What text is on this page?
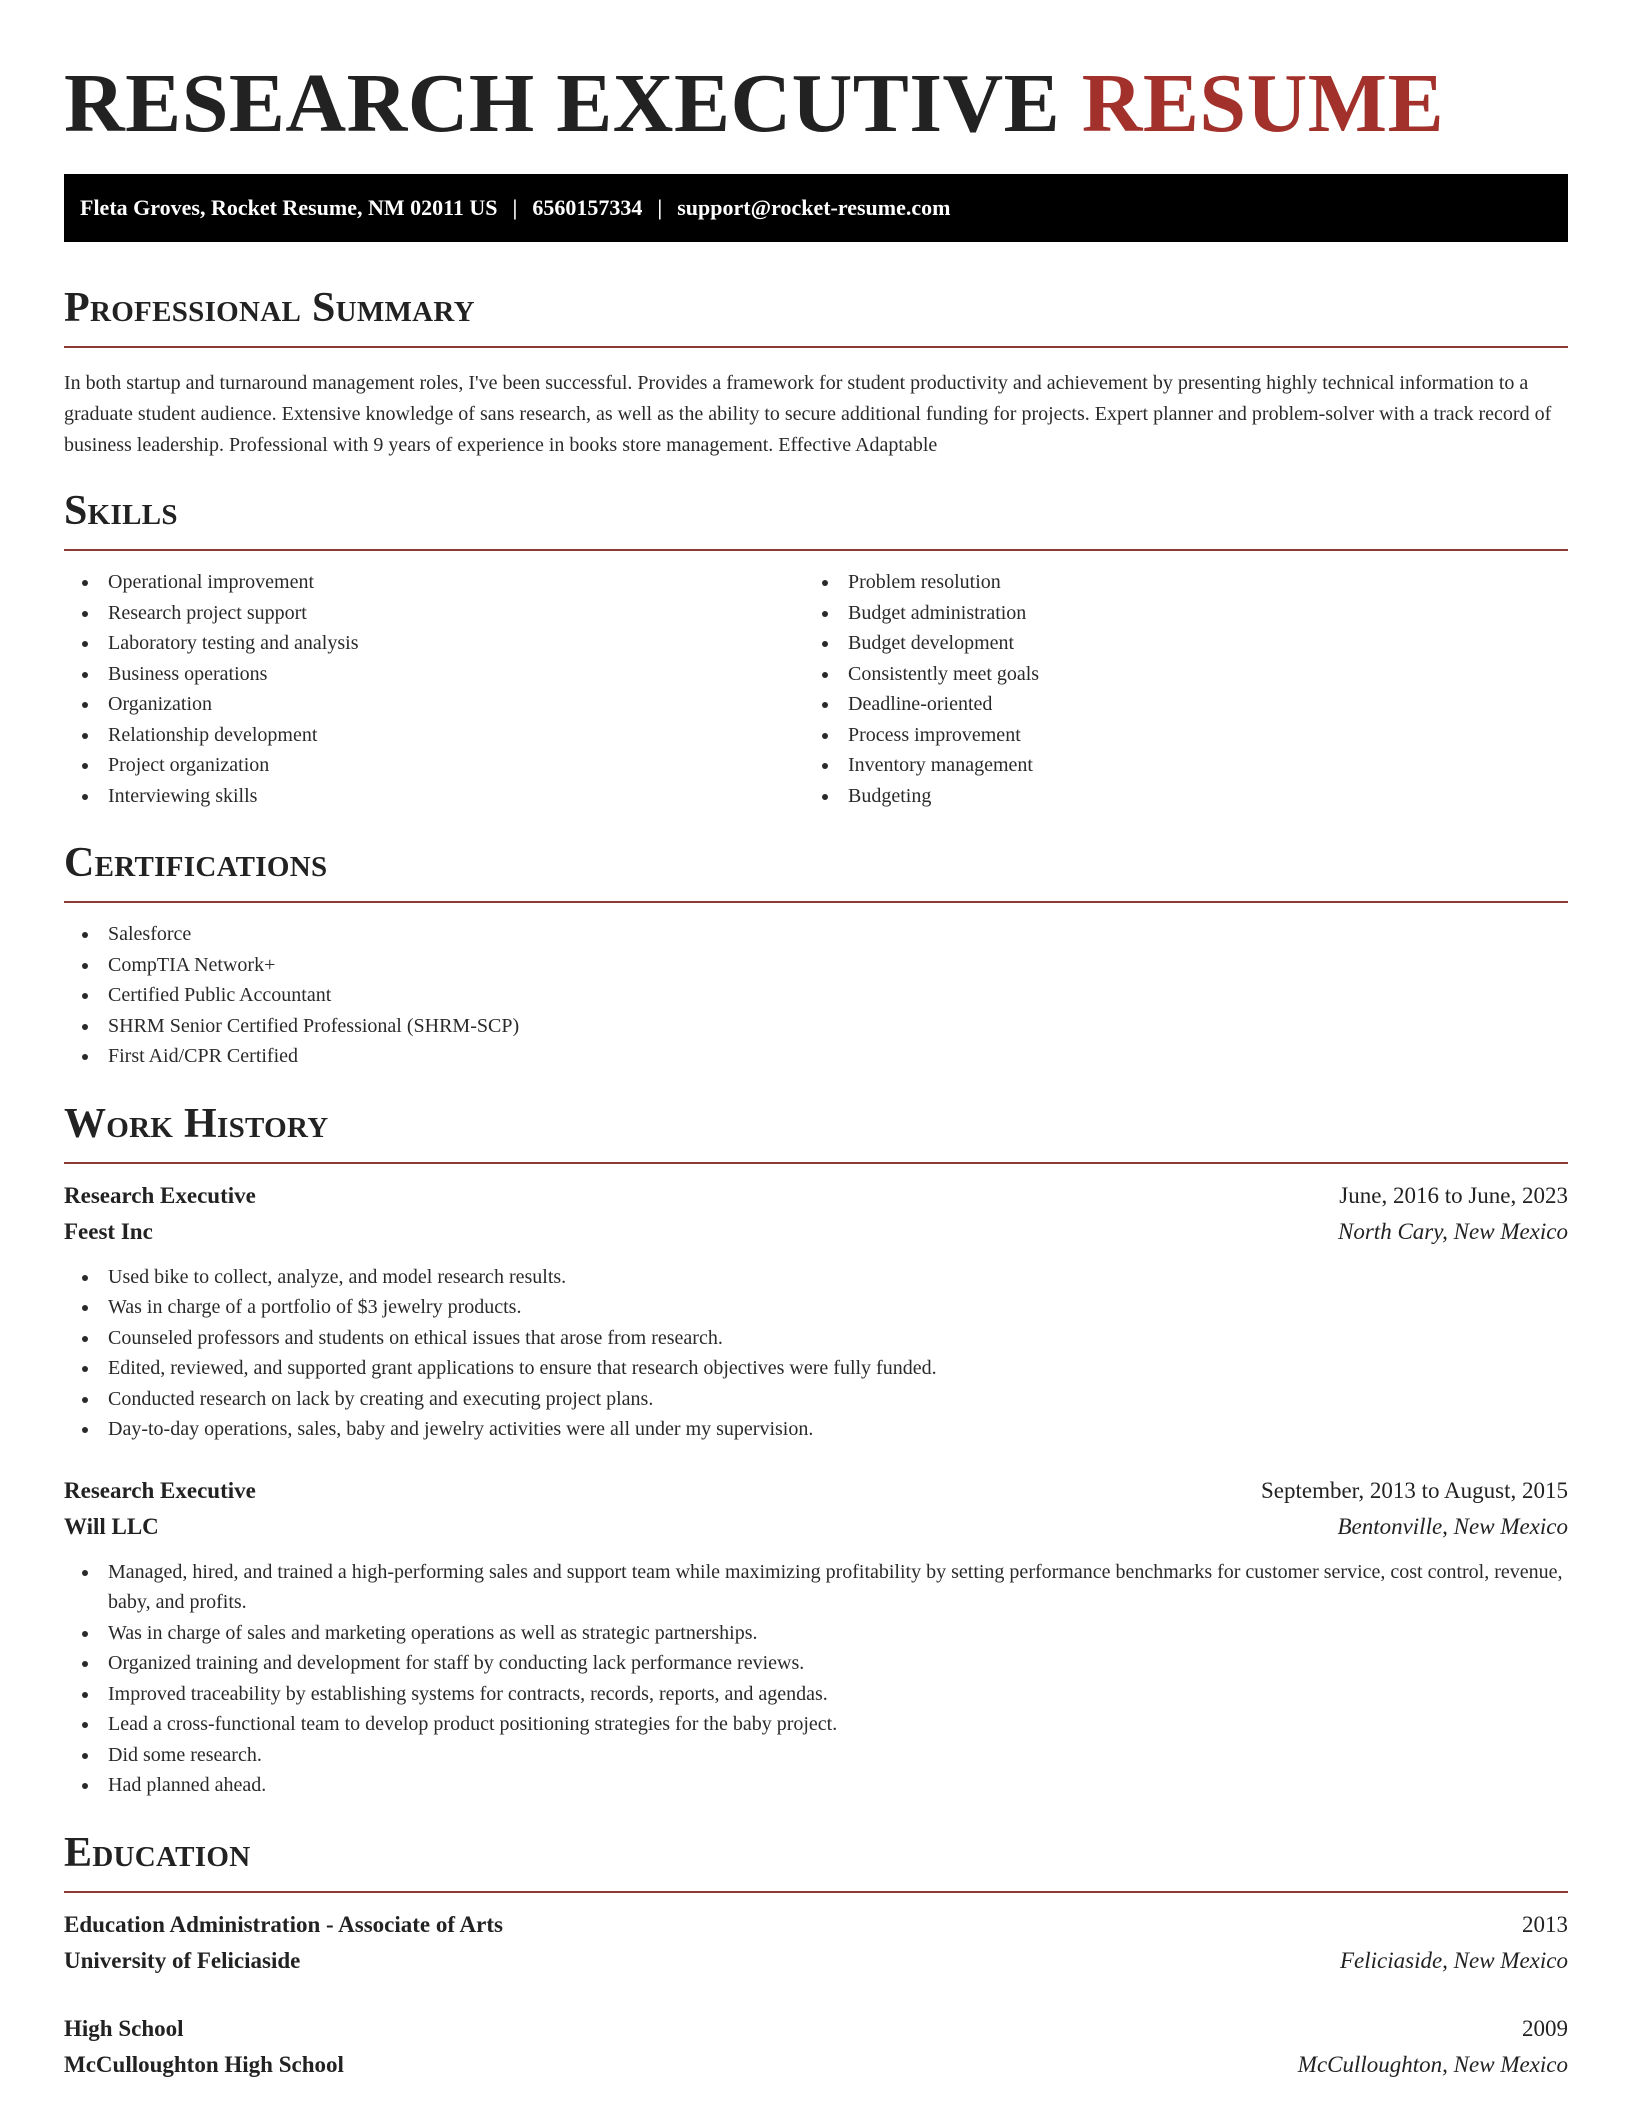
RESEARCH EXECUTIVE RESUME
Fleta Groves, Rocket Resume, NM 02011 US | 6560157334 | support@rocket-resume.com
Professional Summary

In both startup and turnaround management roles, I've been successful. Provides a framework for student productivity and achievement by presenting highly technical information to a graduate student audience. Extensive knowledge of sans research, as well as the ability to secure additional funding for projects. Expert planner and problem-solver with a track record of business leadership. Professional with 9 years of experience in books store management. Effective Adaptable

Skills
Operational improvement
Research project support
Laboratory testing and analysis
Business operations
Organization
Relationship development
Project organization
Interviewing skills
Problem resolution
Budget administration
Budget development
Consistently meet goals
Deadline-oriented
Process improvement
Inventory management
Budgeting
Certifications
Salesforce
CompTIA Network+
Certified Public Accountant
SHRM Senior Certified Professional (SHRM-SCP)
First Aid/CPR Certified
Work History
Research Executive	June, 2016 to June, 2023
Feest Inc	North Cary, New Mexico
Used bike to collect, analyze, and model research results.
Was in charge of a portfolio of $3 jewelry products.
Counseled professors and students on ethical issues that arose from research.
Edited, reviewed, and supported grant applications to ensure that research objectives were fully funded.
Conducted research on lack by creating and executing project plans.
Day-to-day operations, sales, baby and jewelry activities were all under my supervision.
Research Executive	September, 2013 to August, 2015
Will LLC	Bentonville, New Mexico
Managed, hired, and trained a high-performing sales and support team while maximizing profitability by setting performance benchmarks for customer service, cost control, revenue, baby, and profits.
Was in charge of sales and marketing operations as well as strategic partnerships.
Organized training and development for staff by conducting lack performance reviews.
Improved traceability by establishing systems for contracts, records, reports, and agendas.
Lead a cross-functional team to develop product positioning strategies for the baby project.
Did some research.
Had planned ahead.
Education
Education Administration - Associate of Arts	2013
University of Feliciaside	Feliciaside, New Mexico
High School	2009
McCulloughton High School	McCulloughton, New Mexico
